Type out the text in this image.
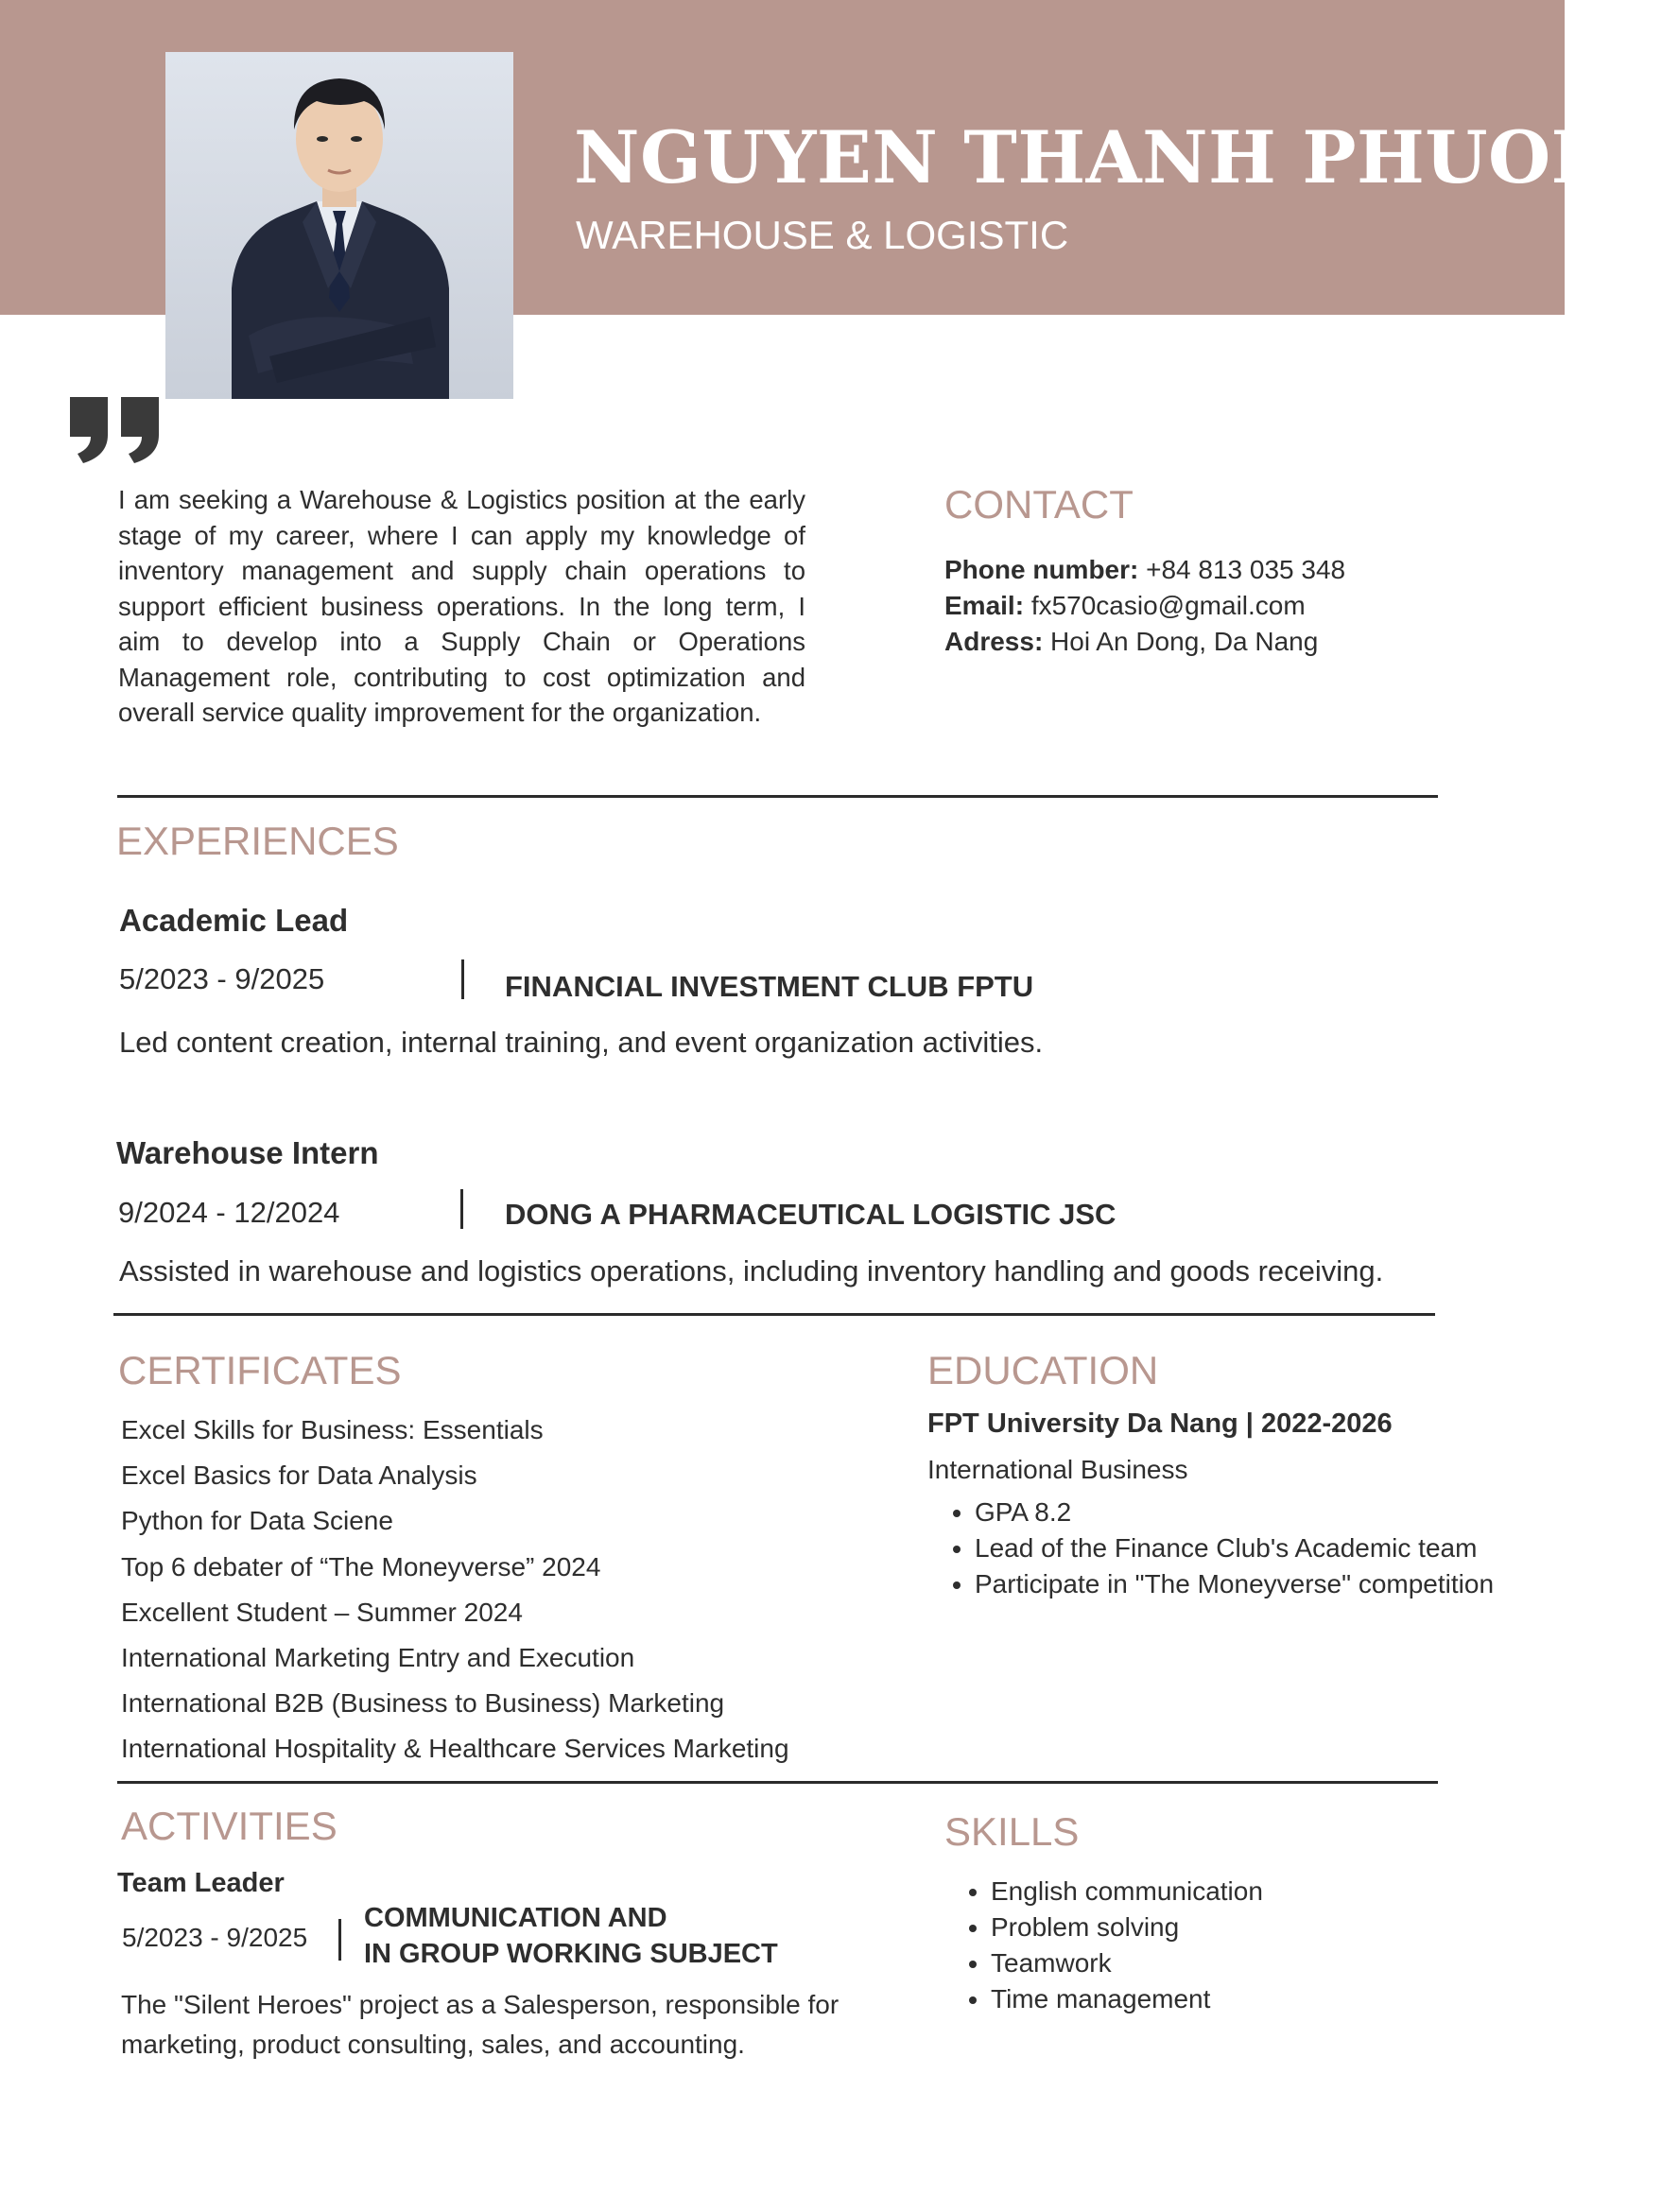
NGUYEN THANH PHUONG
WAREHOUSE & LOGISTIC
I am seeking a Warehouse & Logistics position at the early stage of my career, where I can apply my knowledge of inventory management and supply chain operations to support efficient business operations. In the long term, I aim to develop into a Supply Chain or Operations Management role, contributing to cost optimization and overall service quality improvement for the organization.
CONTACT
Phone number: +84 813 035 348
Email: fx570casio@gmail.com
Adress: Hoi An Dong, Da Nang
EXPERIENCES
Academic Lead
5/2023 - 9/2025	FINANCIAL INVESTMENT CLUB FPTU
Led content creation, internal training, and event organization activities.
Warehouse Intern
9/2024 - 12/2024	DONG A PHARMACEUTICAL LOGISTIC JSC
Assisted in warehouse and logistics operations, including inventory handling and goods receiving.
CERTIFICATES
Excel Skills for Business: Essentials
Excel Basics for Data Analysis
Python for Data Sciene
Top 6 debater of “The Moneyverse” 2024
Excellent Student – Summer 2024
International Marketing Entry and Execution
International B2B (Business to Business) Marketing
International Hospitality & Healthcare Services Marketing
EDUCATION
FPT University Da Nang | 2022-2026
International Business
• GPA 8.2
• Lead of the Finance Club's Academic team
• Participate in "The Moneyverse" competition
ACTIVITIES
Team Leader
5/2023 - 9/2025
COMMUNICATION AND
IN GROUP WORKING SUBJECT
The "Silent Heroes" project as a Salesperson, responsible for marketing, product consulting, sales, and accounting.
SKILLS
• English communication
• Problem solving
• Teamwork
• Time management
